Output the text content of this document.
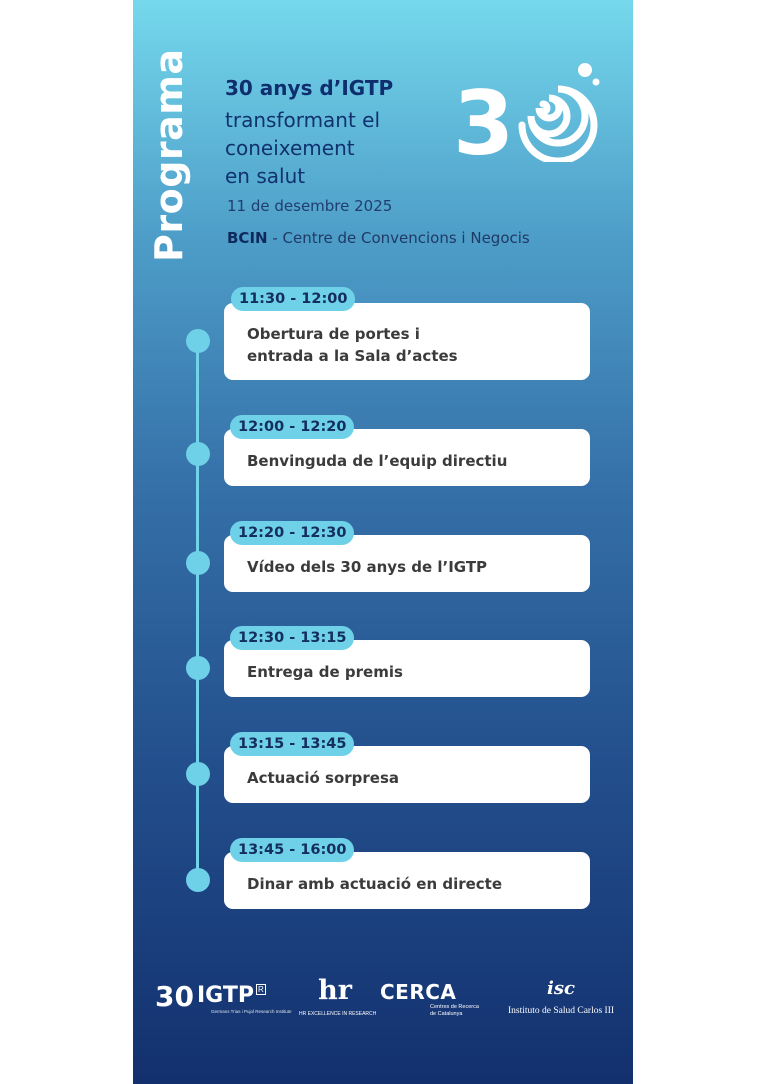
Programa 30 anys d’IGTP
transformant el
coneixement
en salut
11 de desembre 2025
BCIN - Centre de Convencions i Negocis
3
Obertura de portes i
entrada a la Sala d’actes
11:30 - 12:00
Benvinguda de l’equip directiu
12:00 - 12:20
Vídeo dels 30 anys de l’IGTP
12:20 - 12:30
Entrega de premis
12:30 - 13:15
Actuació sorpresa
13:15 - 13:45
Dinar amb actuació en directe
13:45 - 16:00
30 IGTP $^R$
Germans Trias i Pujol Research Institute
hr
HR EXCELLENCE IN RESEARCH
CERCA
Centres de Recerca
de Catalunya
isc
Instituto de Salud Carlos III
